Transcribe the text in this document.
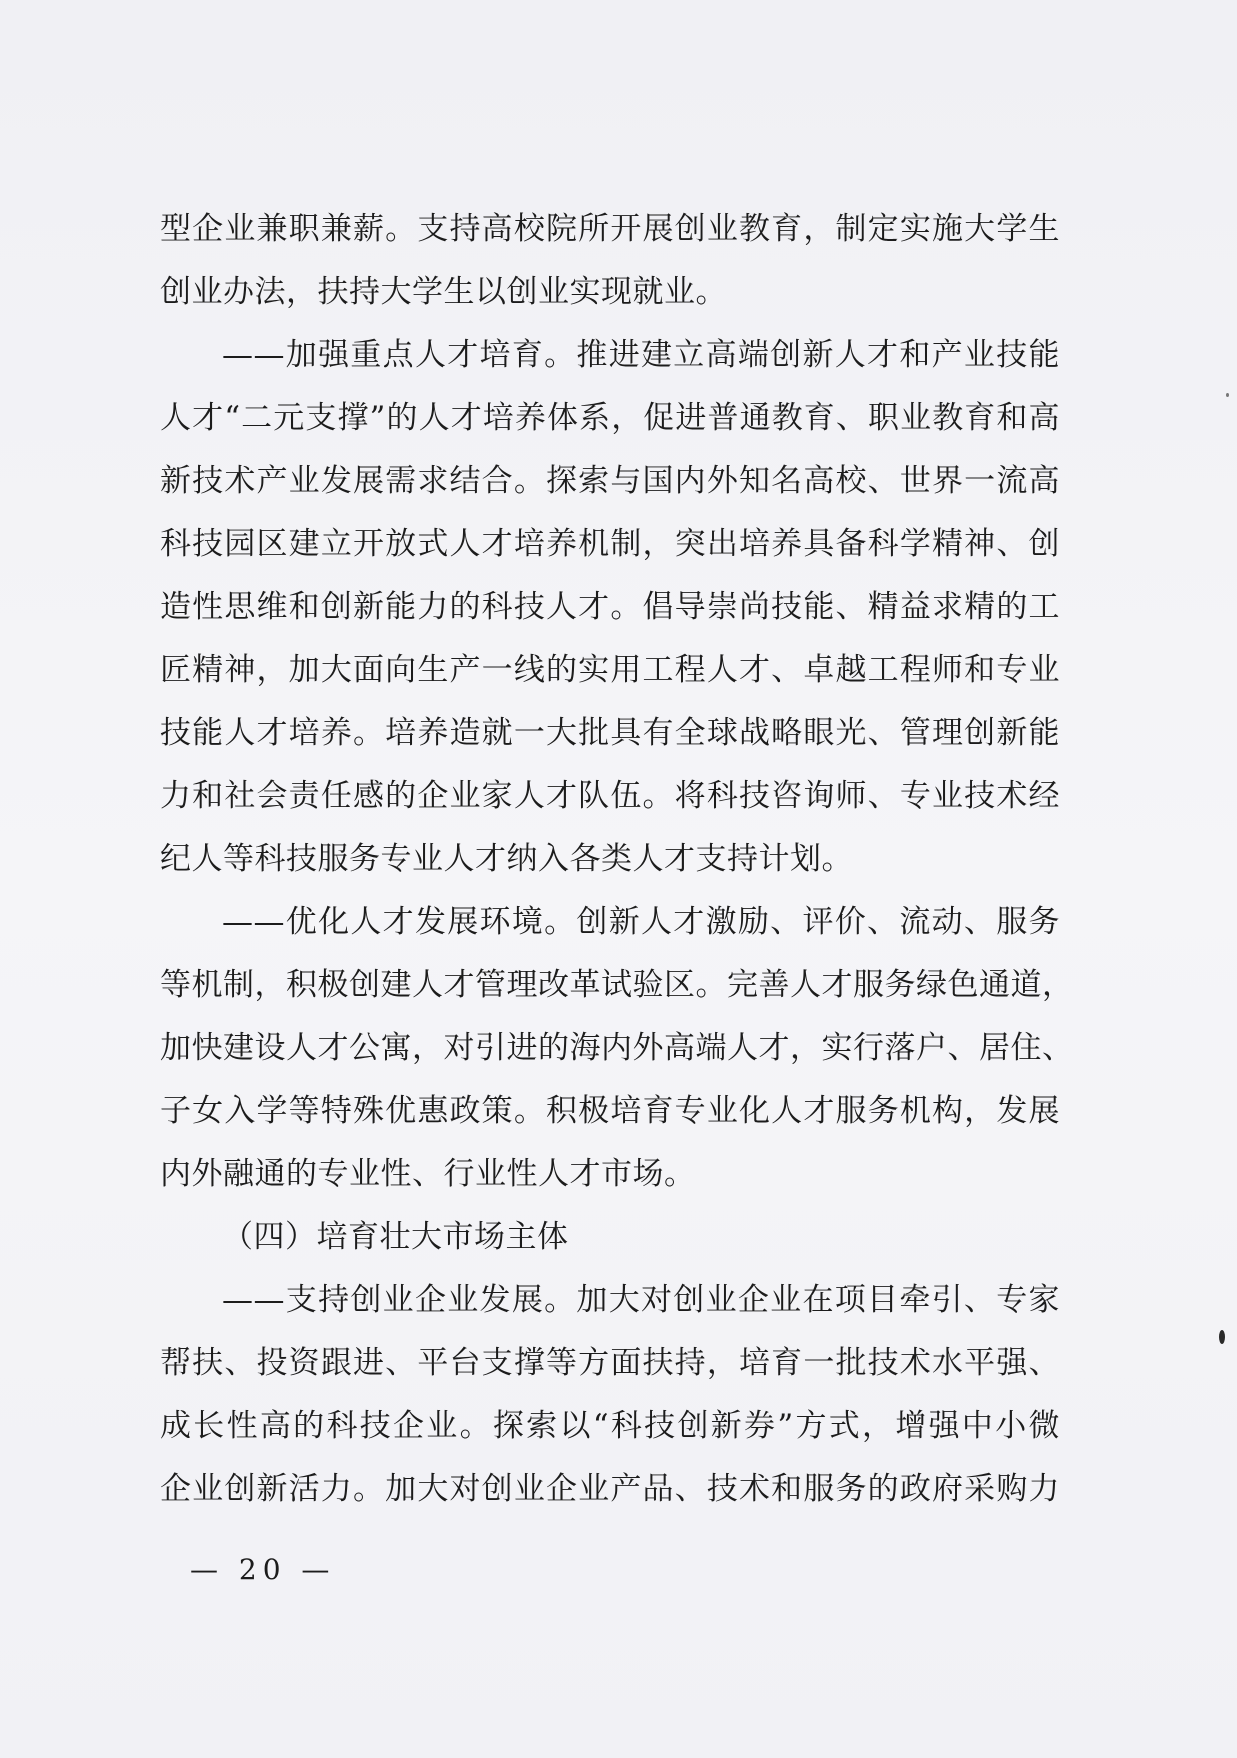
型企业兼职兼薪。支持高校院所开展创业教育，制定实施大学生
创业办法，扶持大学生以创业实现就业。
——加强重点人才培育。推进建立高端创新人才和产业技能
人才“二元支撑”的人才培养体系，促进普通教育、职业教育和高
新技术产业发展需求结合。探索与国内外知名高校、世界一流高
科技园区建立开放式人才培养机制，突出培养具备科学精神、创
造性思维和创新能力的科技人才。倡导崇尚技能、精益求精的工
匠精神，加大面向生产一线的实用工程人才、卓越工程师和专业
技能人才培养。培养造就一大批具有全球战略眼光、管理创新能
力和社会责任感的企业家人才队伍。将科技咨询师、专业技术经
纪人等科技服务专业人才纳入各类人才支持计划。
——优化人才发展环境。创新人才激励、评价、流动、服务
等机制，积极创建人才管理改革试验区。完善人才服务绿色通道，
加快建设人才公寓，对引进的海内外高端人才，实行落户、居住、
子女入学等特殊优惠政策。积极培育专业化人才服务机构，发展
内外融通的专业性、行业性人才市场。
（四）培育壮大市场主体
——支持创业企业发展。加大对创业企业在项目牵引、专家
帮扶、投资跟进、平台支撑等方面扶持，培育一批技术水平强、
成长性高的科技企业。探索以“科技创新券”方式，增强中小微
企业创新活力。加大对创业企业产品、技术和服务的政府采购力
— 20 —
